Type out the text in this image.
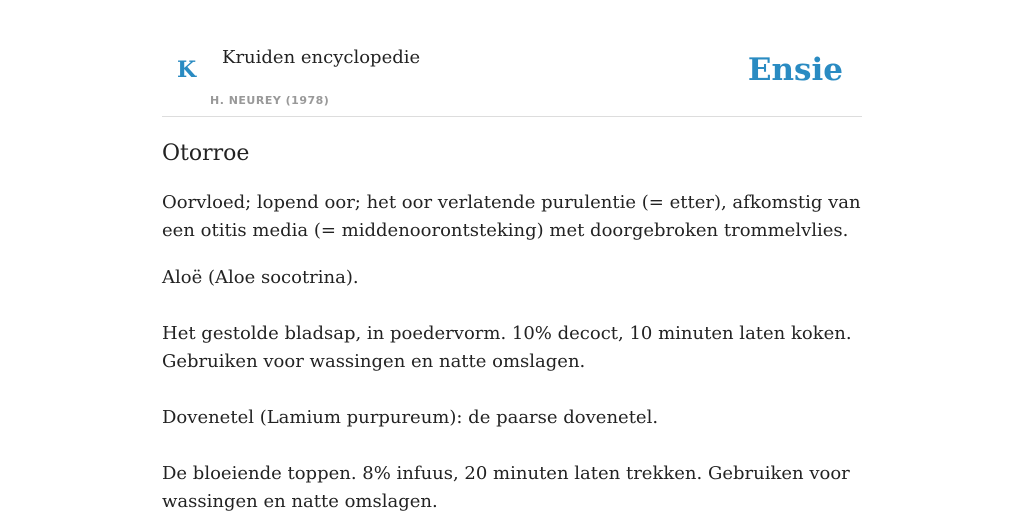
K Kruiden encyclopedie
H. NEUREY (1978)
Ensie
Otorroe

Oorvloed; lopend oor; het oor verlatende purulentie (= etter), afkomstig van een otitis media (= middenoorontsteking) met doorgebroken trommelvlies.

Aloë (Aloe socotrina).

Het gestolde bladsap, in poedervorm. 10% decoct, 10 minuten laten koken. Gebruiken voor wassingen en natte omslagen.

Dovenetel (Lamium purpureum): de paarse dovenetel.

De bloeiende toppen. 8% infuus, 20 minuten laten trekken. Gebruiken voor wassingen en natte omslagen.
